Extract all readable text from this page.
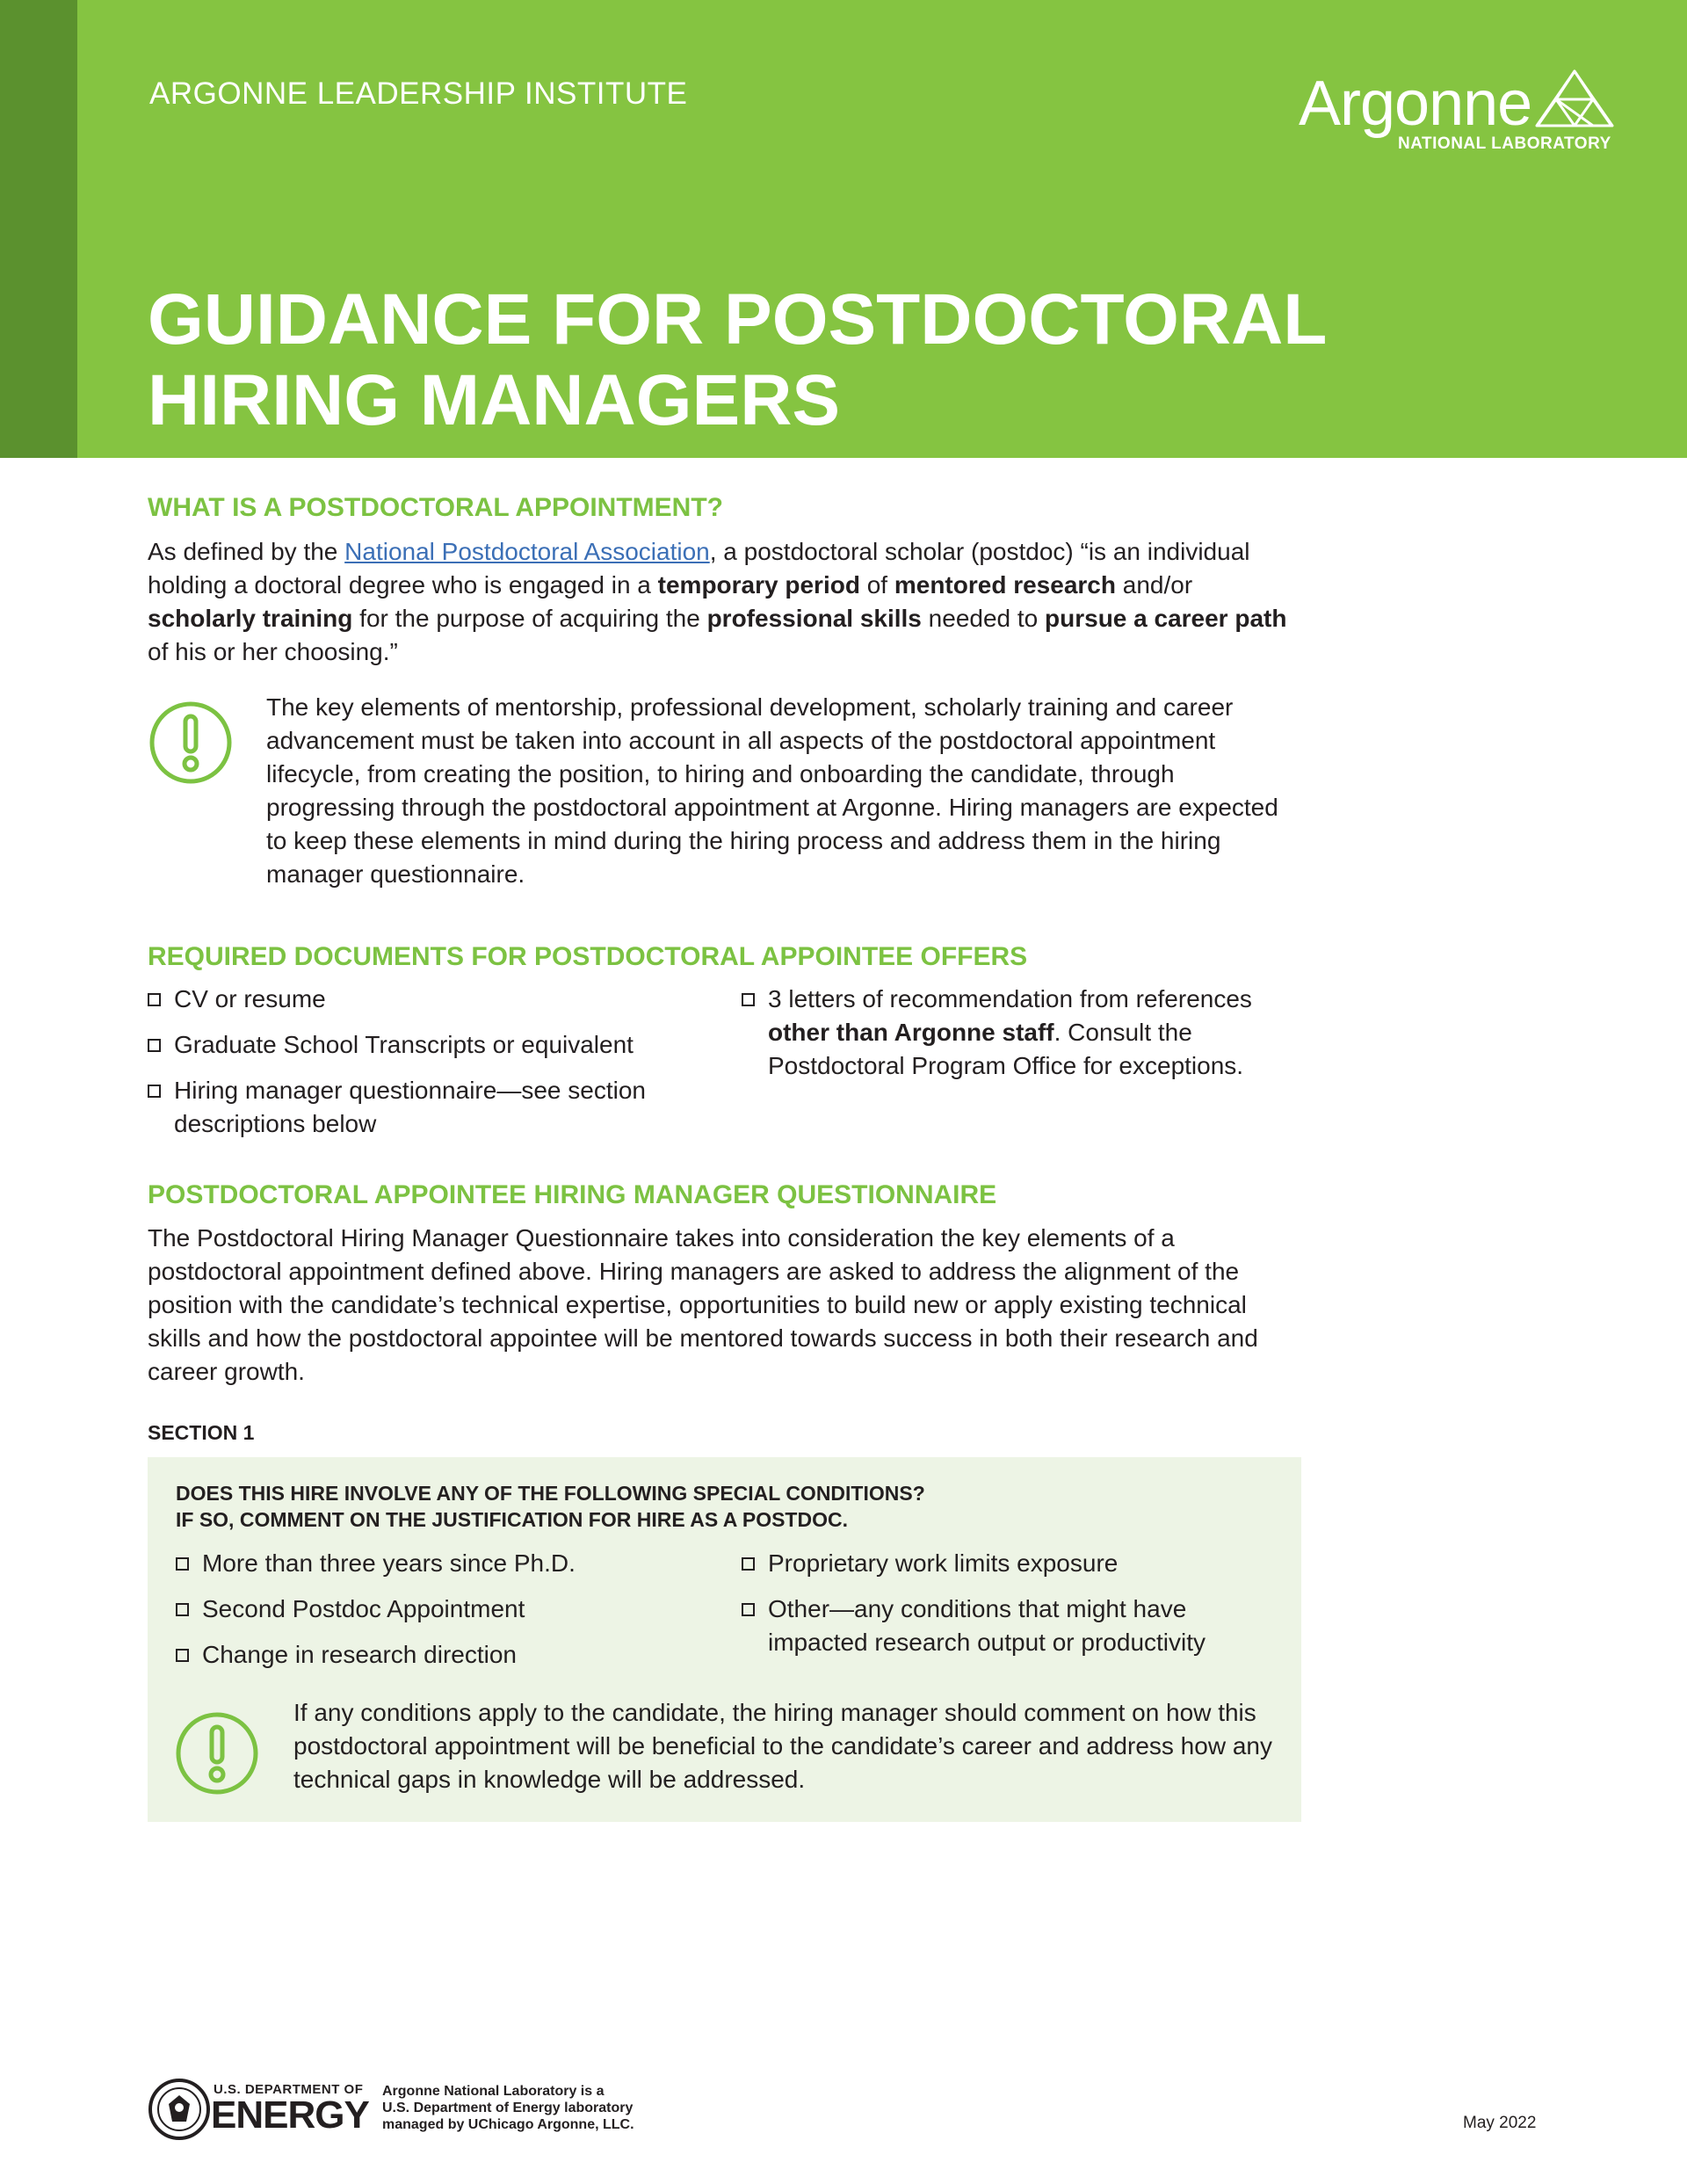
ARGONNE LEADERSHIP INSTITUTE	Argonne
NATIONAL LABORATORY
GUIDANCE FOR POSTDOCTORAL
HIRING MANAGERS
WHAT IS A POSTDOCTORAL APPOINTMENT?

As defined by the National Postdoctoral Association, a postdoctoral scholar (postdoc) “is an individual holding a doctoral degree who is engaged in a temporary period of mentored research and/or scholarly training for the purpose of acquiring the professional skills needed to pursue a career path of his or her choosing.”

The key elements of mentorship, professional development, scholarly training and career advancement must be taken into account in all aspects of the postdoctoral appointment lifecycle, from creating the position, to hiring and onboarding the candidate, through progressing through the postdoctoral appointment at Argonne. Hiring managers are expected to keep these elements in mind during the hiring process and address them in the hiring manager questionnaire.

REQUIRED DOCUMENTS FOR POSTDOCTORAL APPOINTEE OFFERS
CV or resume
Graduate School Transcripts or equivalent
Hiring manager questionnaire—see section descriptions below
3 letters of recommendation from references other than Argonne staff. Consult the Postdoctoral Program Office for exceptions.
POSTDOCTORAL APPOINTEE HIRING MANAGER QUESTIONNAIRE

The Postdoctoral Hiring Manager Questionnaire takes into consideration the key elements of a postdoctoral appointment defined above. Hiring managers are asked to address the alignment of the position with the candidate’s technical expertise, opportunities to build new or apply existing technical skills and how the postdoctoral appointee will be mentored towards success in both their research and career growth.

SECTION 1
DOES THIS HIRE INVOLVE ANY OF THE FOLLOWING SPECIAL CONDITIONS?
IF SO, COMMENT ON THE JUSTIFICATION FOR HIRE AS A POSTDOC.
More than three years since Ph.D.
Second Postdoc Appointment
Change in research direction
Proprietary work limits exposure
Other—any conditions that might have impacted research output or productivity

If any conditions apply to the candidate, the hiring manager should comment on how this postdoctoral appointment will be beneficial to the candidate’s career and address how any technical gaps in knowledge will be addressed.

U.S. DEPARTMENT OF
ENERGY
Argonne National Laboratory is a
U.S. Department of Energy laboratory
managed by UChicago Argonne, LLC.	May 2022
